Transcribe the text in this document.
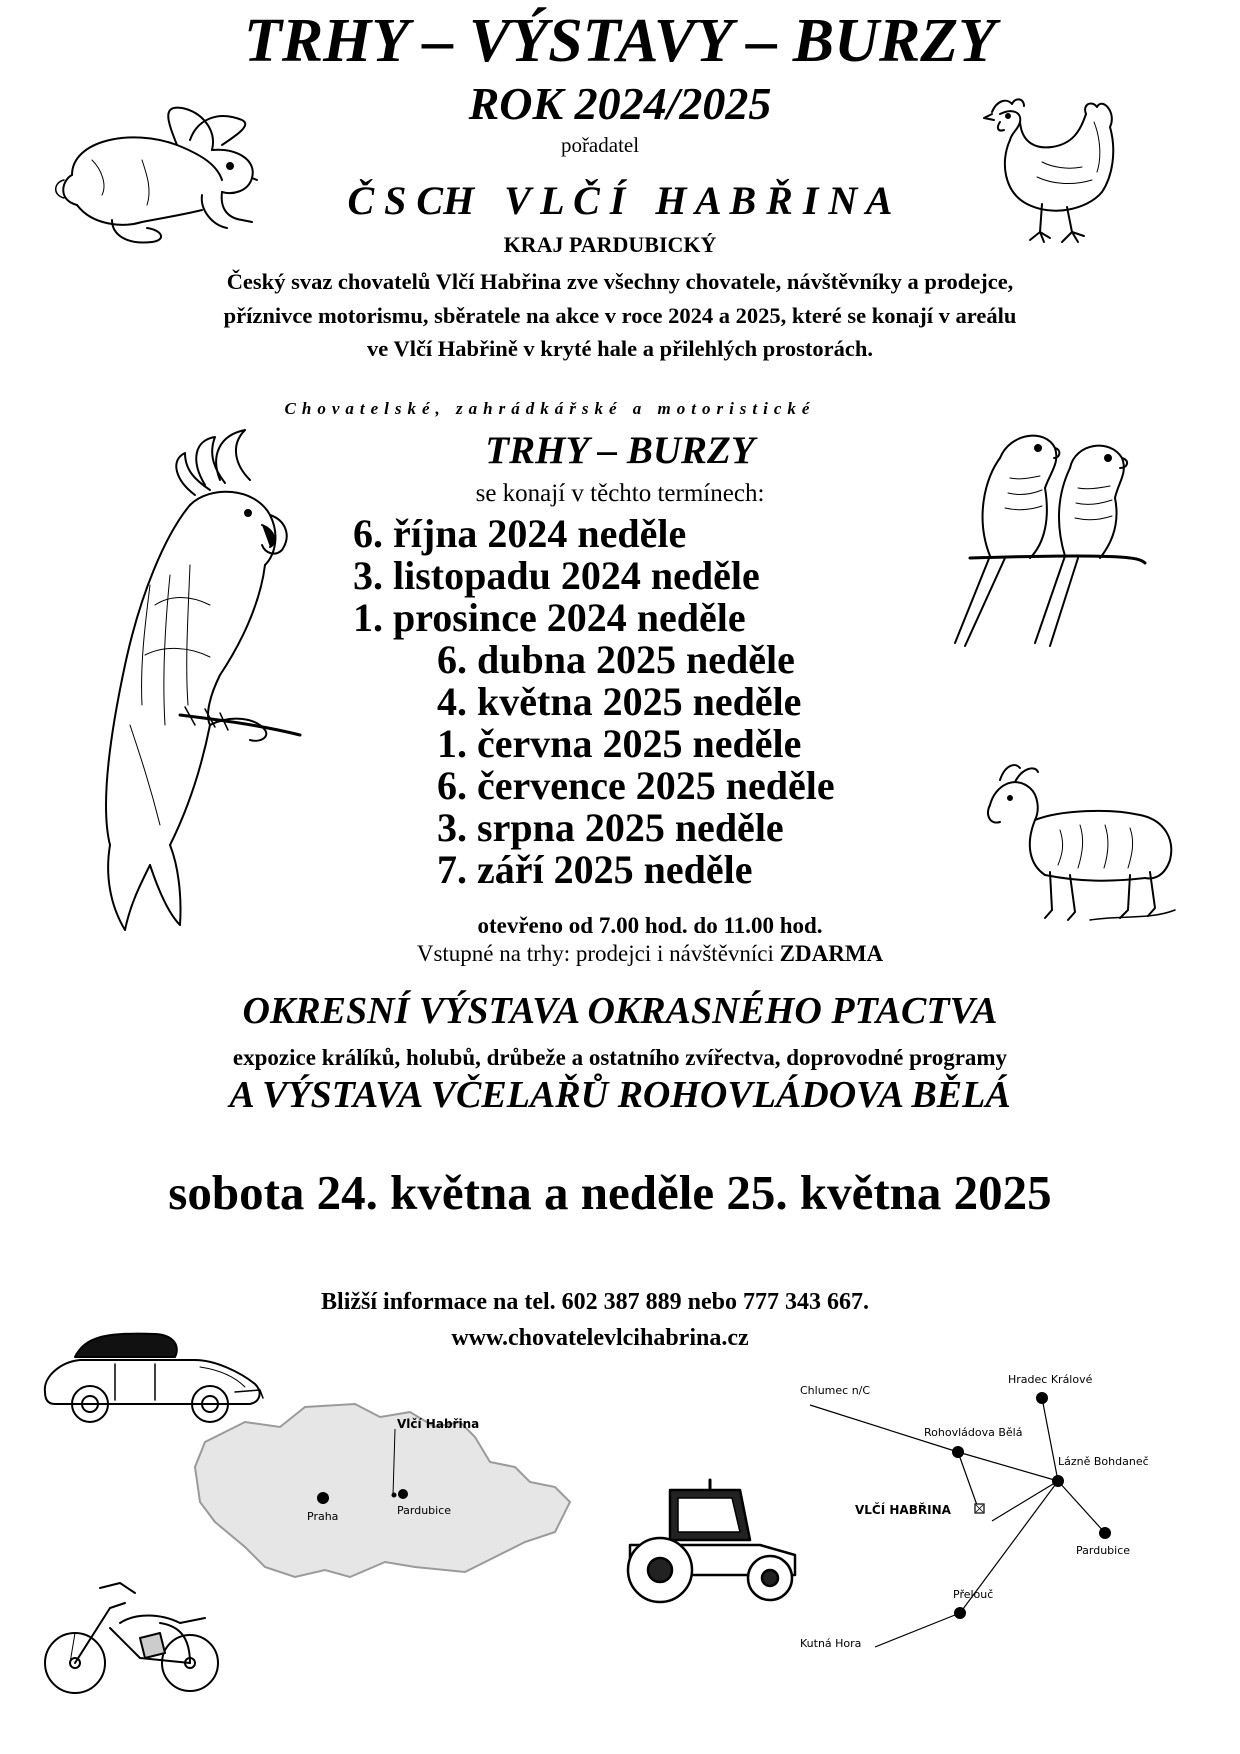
TRHY – VÝSTAVY – BURZY
ROK 2024/2025
pořadatel
Č S CH   V L Č Í   H A B Ř I N A
KRAJ PARDUBICKÝ
Český svaz chovatelů Vlčí Habřina zve všechny chovatele, návštěvníky a prodejce,
příznivce motorismu, sběratele na akce v roce 2024 a 2025, které se konají v areálu
ve Vlčí Habřině v kryté hale a přilehlých prostorách.
Chovatelské, zahrádkářské a motoristické
TRHY – BURZY
se konají v těchto termínech:
6. října 2024 neděle
3. listopadu 2024 neděle
1. prosince 2024 neděle
6. dubna 2025 neděle
4. května 2025 neděle
1. června 2025 neděle
6. července 2025 neděle
3. srpna 2025 neděle
7. září 2025 neděle
otevřeno od 7.00 hod. do 11.00 hod.
Vstupné na trhy: prodejci i návštěvníci ZDARMA
OKRESNÍ VÝSTAVA OKRASNÉHO PTACTVA
expozice králíků, holubů, drůbeže a ostatního zvířectva, doprovodné programy
A VÝSTAVA VČELAŘŮ ROHOVLÁDOVA BĚLÁ
sobota 24. května a neděle 25. května 2025
Bližší informace na tel. 602 387 889 nebo 777 343 667.
www.chovatelevlcihabrina.cz
Vlčí Habřina
Praha	Pardubice
Chlumec n/C
Hradec Králové
Rohovládova Bělá
Lázně Bohdaneč
VLČÍ HABŘINA
Pardubice
Přelouč
Kutná Hora
